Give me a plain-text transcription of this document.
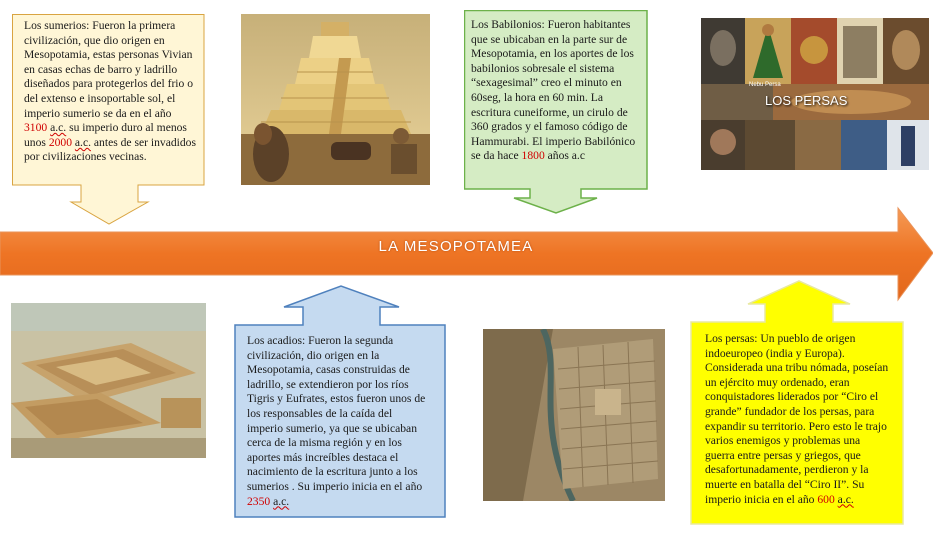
LA MESOPOTAMEA
Los sumerios: Fueron la primera civilización, que dio origen en Mesopotamia, estas personas Vivian en casas echas de barro y ladrillo diseñados para protegerlos del frio o del extenso e insoportable sol, el imperio sumerio se da en el año 3100 a.c. su imperio duro al menos unos 2000 a.c. antes de ser invadidos por civilizaciones vecinas.
Los Babilonios: Fueron habitantes que se ubicaban en la parte sur de Mesopotamia, en los aportes de los babilonios sobresale el sistema “sexagesimal” creo el minuto en 60seg, la hora en 60 min. La escritura cuneiforme, un cirulo de 360 grados y el famoso código de Hammurabi. El imperio Babilónico se da hace 1800 años a.c
Nebu Persa
LOS PERSAS
Los acadios: Fueron la segunda civilización, dio origen en la Mesopotamia, casas construidas de ladrillo, se extendieron por los ríos Tigris y Eufrates, estos fueron unos de los responsables de la caída del imperio sumerio, ya que se ubicaban cerca de la misma región y en los aportes más increíbles destaca el nacimiento de la escritura junto a los sumerios . Su imperio inicia en el año 2350 a.c.
Los persas: Un pueblo de origen indoeuropeo (india y Europa). Considerada una tribu nómada, poseían un ejército muy ordenado, eran conquistadores liderados por “Ciro el grande” fundador de los persas, para expandir su territorio. Pero esto le trajo varios enemigos y problemas una guerra entre persas y griegos, que desafortunadamente, perdieron y la muerte en batalla del “Ciro II”. Su imperio inicia en el año 600 a.c.
